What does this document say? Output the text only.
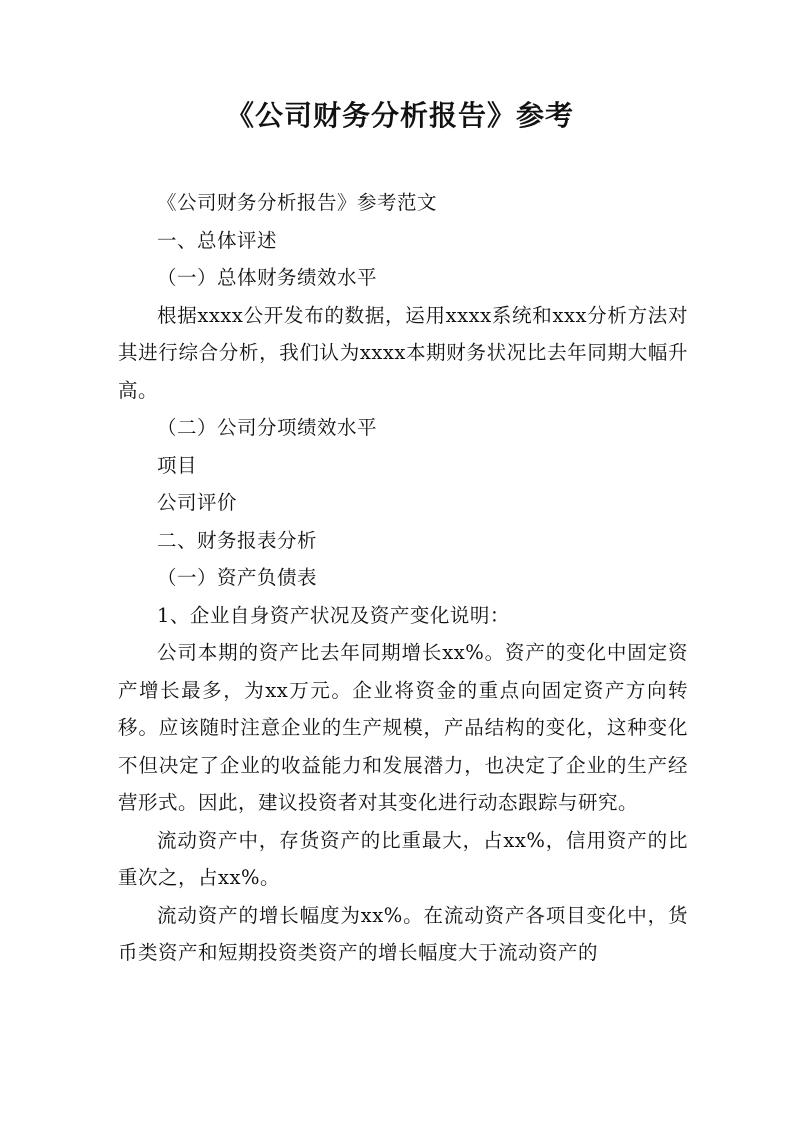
《公司财务分析报告》参考

《公司财务分析报告》参考范文

一、总体评述

（一）总体财务绩效水平

根据xxxx公开发布的数据，运用xxxx系统和xxx分析方法对其进行综合分析，我们认为xxxx本期财务状况比去年同期大幅升高。

（二）公司分项绩效水平

项目

公司评价

二、财务报表分析

（一）资产负债表

1、企业自身资产状况及资产变化说明：

公司本期的资产比去年同期增长xx%。资产的变化中固定资产增长最多，为xx万元。企业将资金的重点向固定资产方向转移。应该随时注意企业的生产规模，产品结构的变化，这种变化不但决定了企业的收益能力和发展潜力，也决定了企业的生产经营形式。因此，建议投资者对其变化进行动态跟踪与研究。

流动资产中，存货资产的比重最大，占xx%，信用资产的比重次之，占xx%。

流动资产的增长幅度为xx%。在流动资产各项目变化中，货币类资产和短期投资类资产的增长幅度大于流动资产的
